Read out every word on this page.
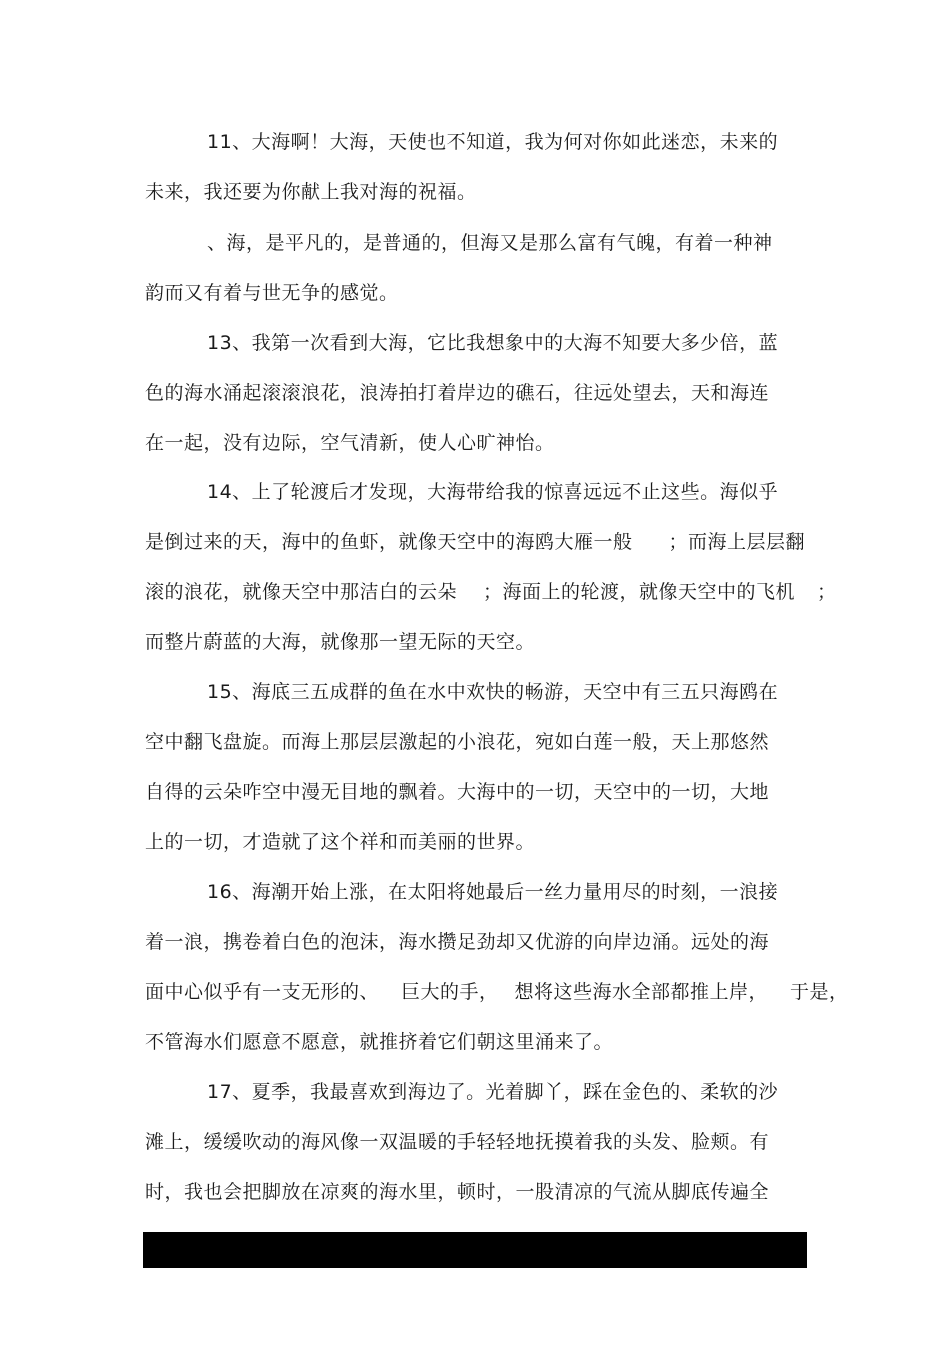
11、大海啊！大海，天使也不知道，我为何对你如此迷恋，未来的
未来，我还要为你献上我对海的祝福。
、海，是平凡的，是普通的，但海又是那么富有气魄，有着一种神
韵而又有着与世无争的感觉。
13、我第一次看到大海，它比我想象中的大海不知要大多少倍，蓝
色的海水涌起滚滚浪花，浪涛拍打着岸边的礁石，往远处望去，天和海连
在一起，没有边际，空气清新，使人心旷神怡。
14、上了轮渡后才发现，大海带给我的惊喜远远不止这些。海似乎
是倒过来的天，海中的鱼虾，就像天空中的海鸥大雁一般 ；而海上层层翻
滚的浪花，就像天空中那洁白的云朵 ；海面上的轮渡，就像天空中的飞机 ；
而整片蔚蓝的大海，就像那一望无际的天空。
15、海底三五成群的鱼在水中欢快的畅游，天空中有三五只海鸥在
空中翻飞盘旋。而海上那层层激起的小浪花，宛如白莲一般，天上那悠然
自得的云朵咋空中漫无目地的飘着。大海中的一切，天空中的一切，大地
上的一切，才造就了这个祥和而美丽的世界。
16、海潮开始上涨，在太阳将她最后一丝力量用尽的时刻，一浪接
着一浪，携卷着白色的泡沫，海水攒足劲却又优游的向岸边涌。远处的海
面中心似乎有一支无形的、 巨大的手， 想将这些海水全部都推上岸， 于是，
不管海水们愿意不愿意，就推挤着它们朝这里涌来了。
17、夏季，我最喜欢到海边了。光着脚丫，踩在金色的、柔软的沙
滩上，缓缓吹动的海风像一双温暖的手轻轻地抚摸着我的头发、脸颊。有
时，我也会把脚放在凉爽的海水里，顿时，一股清凉的气流从脚底传遍全
